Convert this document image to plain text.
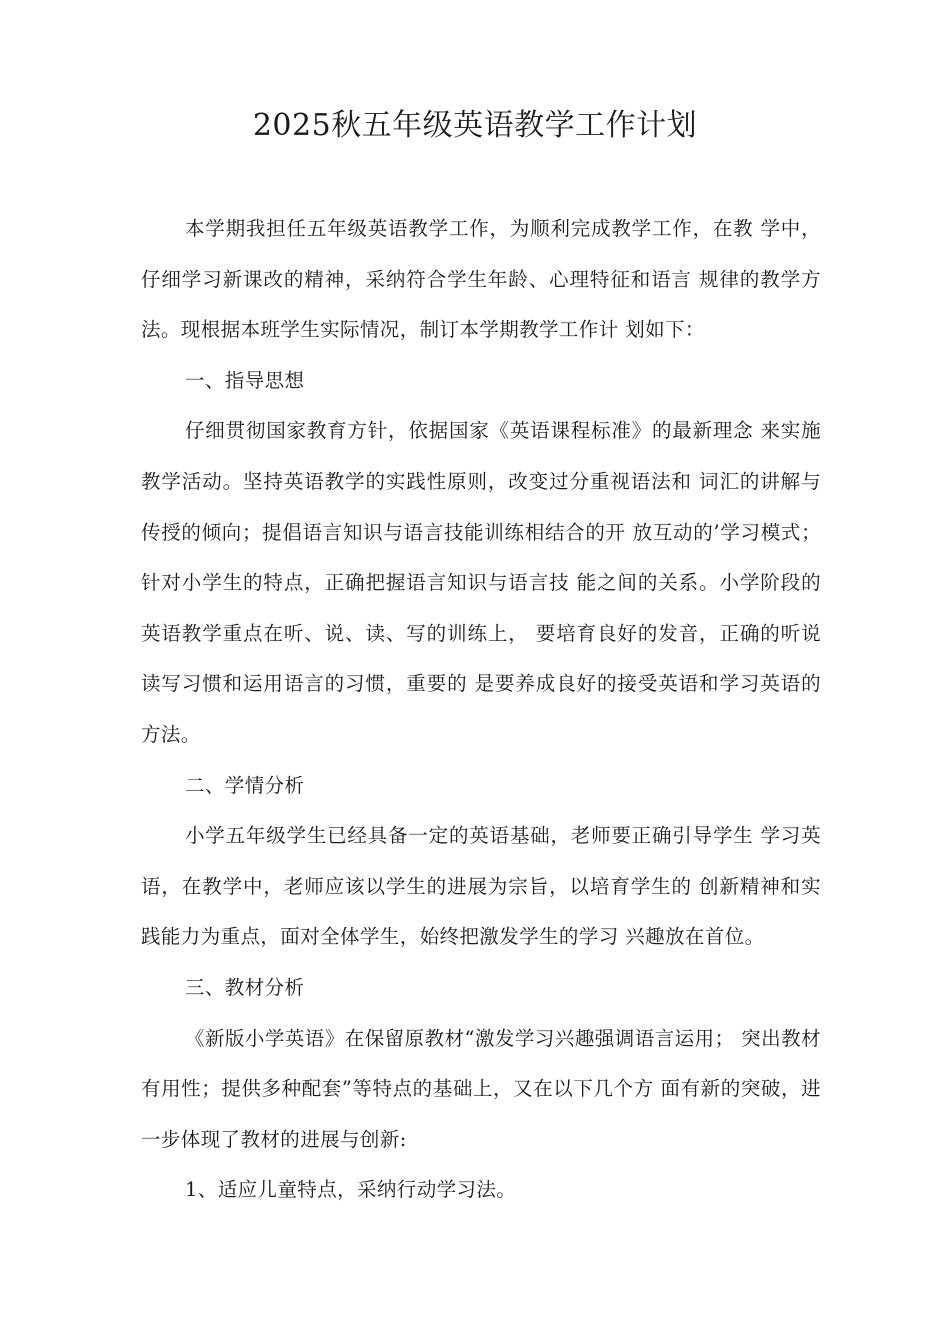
2025秋五年级英语教学工作计划

本学期我担任五年级英语教学工作，为顺利完成教学工作，在教 学中，仔细学习新课改的精神，采纳符合学生年龄、心理特征和语言 规律的教学方法。现根据本班学生实际情况，制订本学期教学工作计 划如下：

一、指导思想

仔细贯彻国家教育方针，依据国家《英语课程标准》的最新理念 来实施教学活动。坚持英语教学的实践性原则，改变过分重视语法和 词汇的讲解与传授的倾向；提倡语言知识与语言技能训练相结合的开 放互动的’学习模式；针对小学生的特点，正确把握语言知识与语言技 能之间的关系。小学阶段的英语教学重点在听、说、读、写的训练上， 要培育良好的发音，正确的听说读写习惯和运用语言的习惯，重要的 是要养成良好的接受英语和学习英语的方法。

二、学情分析

小学五年级学生已经具备一定的英语基础，老师要正确引导学生 学习英语，在教学中，老师应该以学生的进展为宗旨，以培育学生的 创新精神和实践能力为重点，面对全体学生，始终把激发学生的学习 兴趣放在首位。

三、教材分析

《新版小学英语》在保留原教材“激发学习兴趣强调语言运用； 突出教材有用性；提供多种配套”等特点的基础上，又在以下几个方 面有新的突破，进一步体现了教材的进展与创新:

1、适应儿童特点，采纳行动学习法。
